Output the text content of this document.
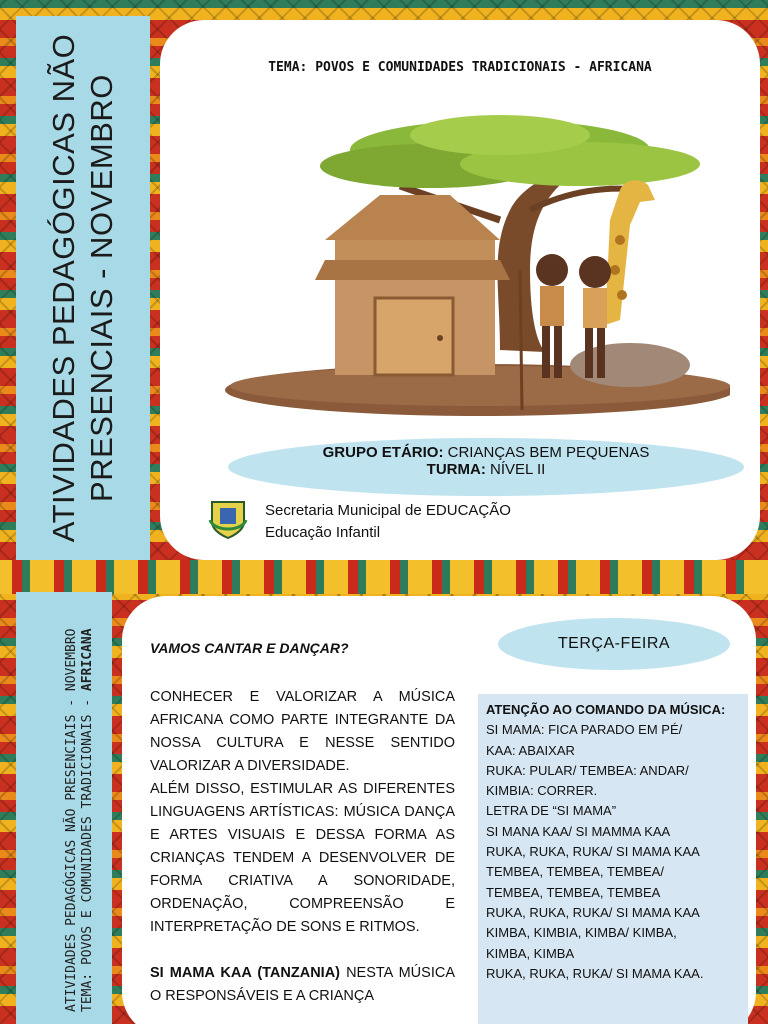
ATIVIDADES PEDAGÓGICAS NÃO PRESENCIAIS - NOVEMBRO
TEMA: POVOS E COMUNIDADES TRADICIONAIS - AFRICANA
GRUPO ETÁRIO: CRIANÇAS BEM PEQUENAS
TURMA: NÍVEL II
Secretaria Municipal de EDUCAÇÃO
Educação Infantil
ATIVIDADES PEDAGÓGICAS NÃO PRESENCIAIS - NOVEMBRO TEMA: POVOS E COMUNIDADES TRADICIONAIS - AFRICANA	VAMOS CANTAR E DANÇAR?

CONHECER E VALORIZAR A MÚSICA AFRICANA COMO PARTE INTEGRANTE DA NOSSA CULTURA E NESSE SENTIDO VALORIZAR A DIVERSIDADE.

ALÉM DISSO, ESTIMULAR AS DIFERENTES LINGUAGENS ARTÍSTICAS: MÚSICA DANÇA E ARTES VISUAIS E DESSA FORMA AS CRIANÇAS TENDEM A DESENVOLVER DE FORMA CRIATIVA A SONORIDADE, ORDENAÇÃO, COMPREENSÃO E INTERPRETAÇÃO DE SONS E RITMOS.

SI MAMA KAA (TANZANIA) NESTA MÚSICA O RESPONSÁVEIS E A CRIANÇA

TERÇA-FEIRA
ATENÇÃO AO COMANDO DA MÚSICA:
SI MAMA: FICA PARADO EM PÉ/
KAA: ABAIXAR
RUKA: PULAR/ TEMBEA: ANDAR/
KIMBIA: CORRER.
LETRA DE “SI MAMA”
SI MANA KAA/ SI MAMMA KAA
RUKA, RUKA, RUKA/ SI MAMA KAA
TEMBEA, TEMBEA, TEMBEA/
TEMBEA, TEMBEA, TEMBEA
RUKA, RUKA, RUKA/ SI MAMA KAA
KIMBA, KIMBIA, KIMBA/ KIMBA,
KIMBA, KIMBA
RUKA, RUKA, RUKA/ SI MAMA KAA.
